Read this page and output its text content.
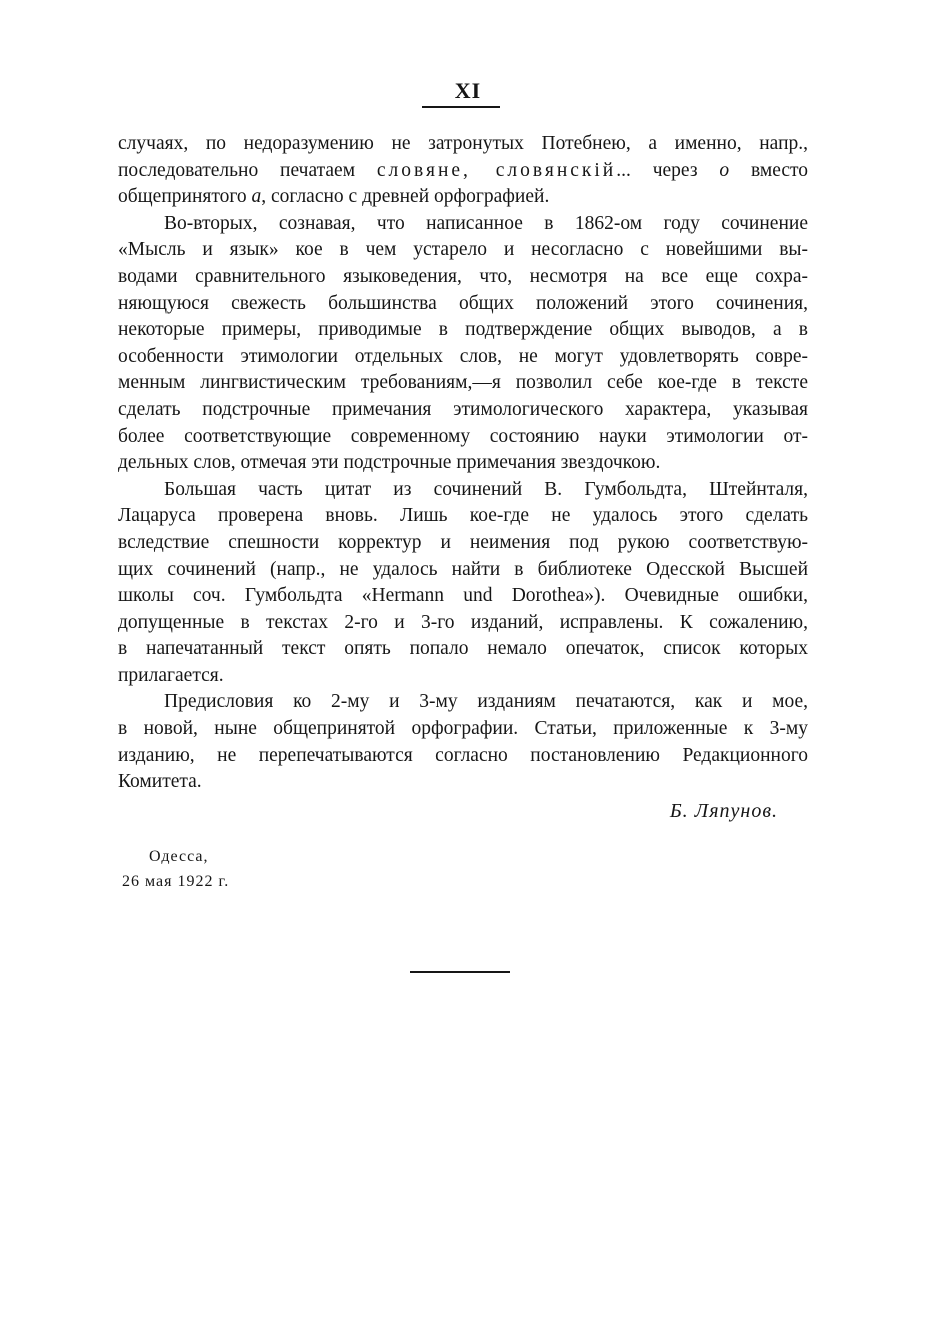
XI
случаях, по недоразумению не затронутых Потебнею, а именно, напр.,
последовательно печатаем словяне, словянскій... через о вместо
общепринятого а, согласно с древней орфографией.
Во-вторых, сознавая, что написанное в 1862-ом году сочинение
«Мысль и язык» кое в чем устарело и несогласно с новейшими вы-
водами сравнительного языковедения, что, несмотря на все еще сохра-
няющуюся свежесть большинства общих положений этого сочинения,
некоторые примеры, приводимые в подтверждение общих выводов, а в
особенности этимологии отдельных слов, не могут удовлетворять совре-
менным лингвистическим требованиям,—я позволил себе кое-где в тексте
сделать подстрочные примечания этимологического характера, указывая
более соответствующие современному состоянию науки этимологии от-
дельных слов, отмечая эти подстрочные примечания звездочкою.
Большая часть цитат из сочинений В. Гумбольдта, Штейнталя,
Лацаруса проверена вновь. Лишь кое-где не удалось этого сделать
вследствие спешности корректур и неимения под рукою соответствую-
щих сочинений (напр., не удалось найти в библиотеке Одесской Высшей
школы соч. Гумбольдта «Hermann und Dorothea»). Очевидные ошибки,
допущенные в текстах 2-го и 3-го изданий, исправлены. К сожалению,
в напечатанный текст опять попало немало опечаток, список которых
прилагается.
Предисловия ко 2-му и 3-му изданиям печатаются, как и мое,
в новой, ныне общепринятой орфографии. Статьи, приложенные к 3-му
изданию, не перепечатываются согласно постановлению Редакционного
Комитета.
Б. Ляпунов.
Одесса,
26 мая 1922 г.
